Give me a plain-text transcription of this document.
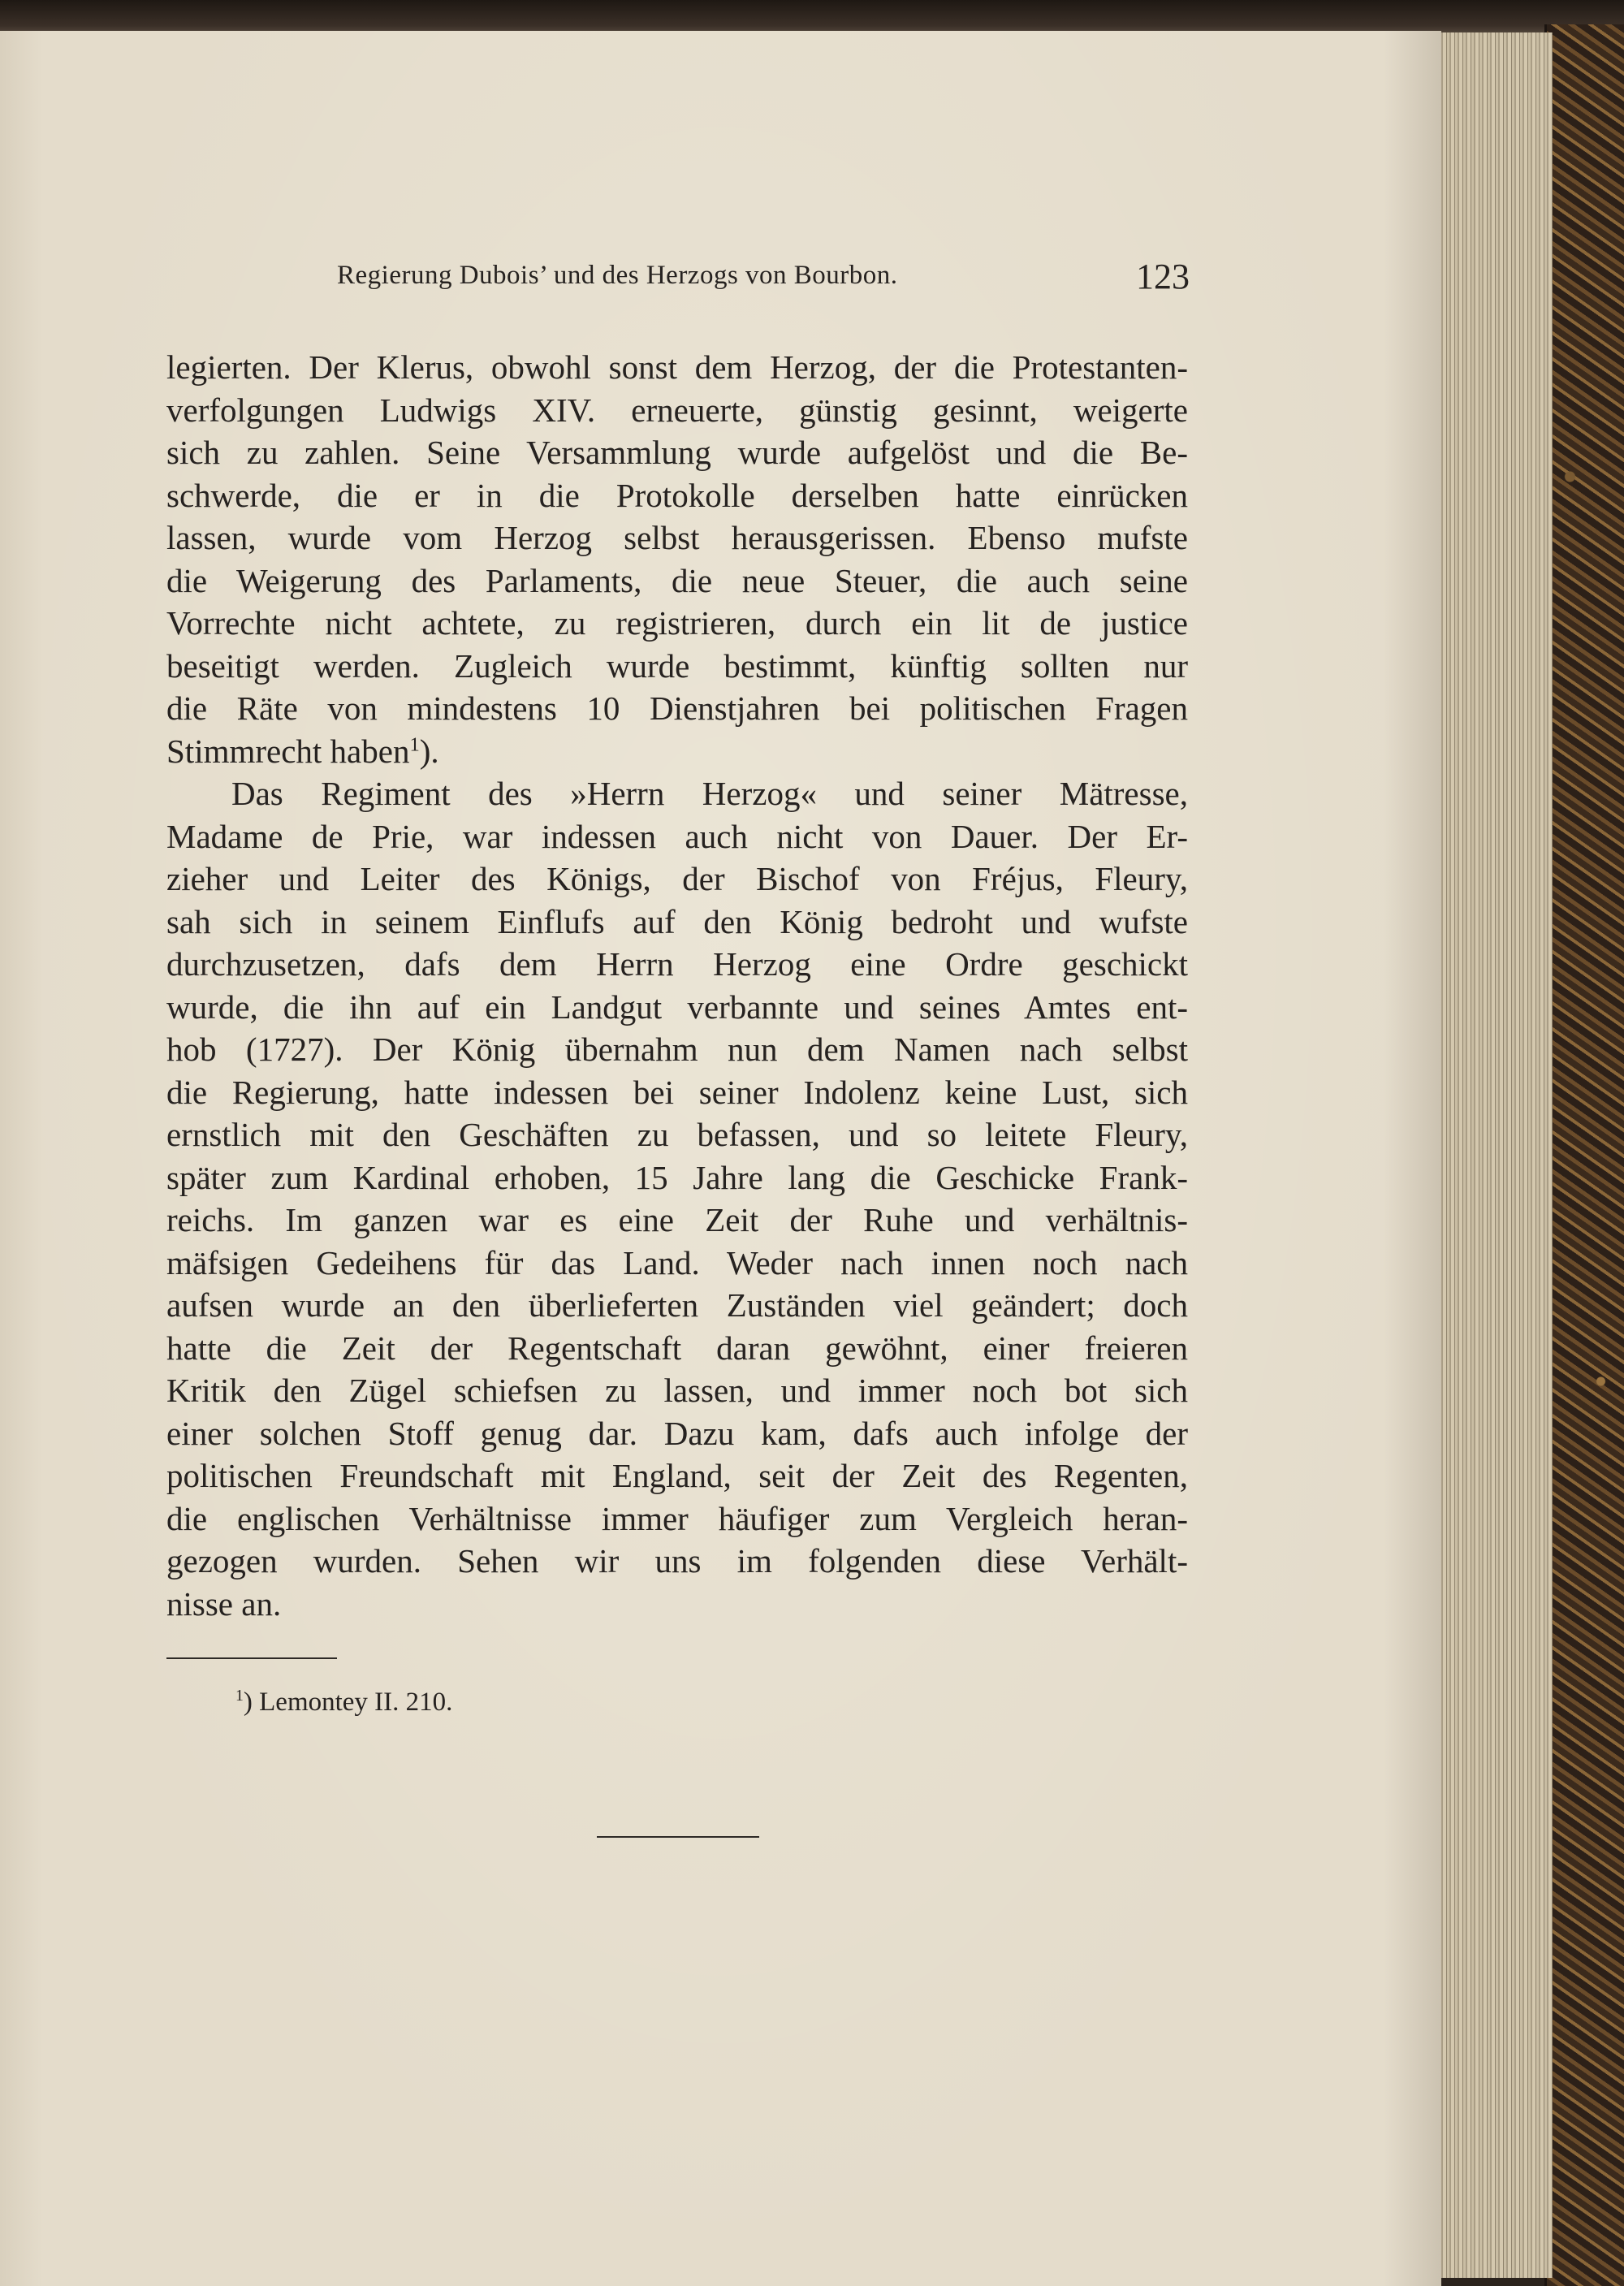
Regierung Dubois’ und des Herzogs von Bourbon.	123
legierten. Der Klerus, obwohl sonst dem Herzog, der die Protestanten-
verfolgungen Ludwigs XIV. erneuerte, günstig gesinnt, weigerte
sich zu zahlen. Seine Versammlung wurde aufgelöst und die Be-
schwerde, die er in die Protokolle derselben hatte einrücken
lassen, wurde vom Herzog selbst herausgerissen. Ebenso mufste
die Weigerung des Parlaments, die neue Steuer, die auch seine
Vorrechte nicht achtete, zu registrieren, durch ein lit de justice
beseitigt werden. Zugleich wurde bestimmt, künftig sollten nur
die Räte von mindestens 10 Dienstjahren bei politischen Fragen
Stimmrecht haben$^1$).
Das Regiment des »Herrn Herzog« und seiner Mätresse,
Madame de Prie, war indessen auch nicht von Dauer. Der Er-
zieher und Leiter des Königs, der Bischof von Fréjus, Fleury,
sah sich in seinem Einflufs auf den König bedroht und wufste
durchzusetzen, dafs dem Herrn Herzog eine Ordre geschickt
wurde, die ihn auf ein Landgut verbannte und seines Amtes ent-
hob (1727). Der König übernahm nun dem Namen nach selbst
die Regierung, hatte indessen bei seiner Indolenz keine Lust, sich
ernstlich mit den Geschäften zu befassen, und so leitete Fleury,
später zum Kardinal erhoben, 15 Jahre lang die Geschicke Frank-
reichs. Im ganzen war es eine Zeit der Ruhe und verhältnis-
mäfsigen Gedeihens für das Land. Weder nach innen noch nach
aufsen wurde an den überlieferten Zuständen viel geändert; doch
hatte die Zeit der Regentschaft daran gewöhnt, einer freieren
Kritik den Zügel schiefsen zu lassen, und immer noch bot sich
einer solchen Stoff genug dar. Dazu kam, dafs auch infolge der
politischen Freundschaft mit England, seit der Zeit des Regenten,
die englischen Verhältnisse immer häufiger zum Vergleich heran-
gezogen wurden. Sehen wir uns im folgenden diese Verhält-
nisse an.
$^1$) Lemontey II. 210.
